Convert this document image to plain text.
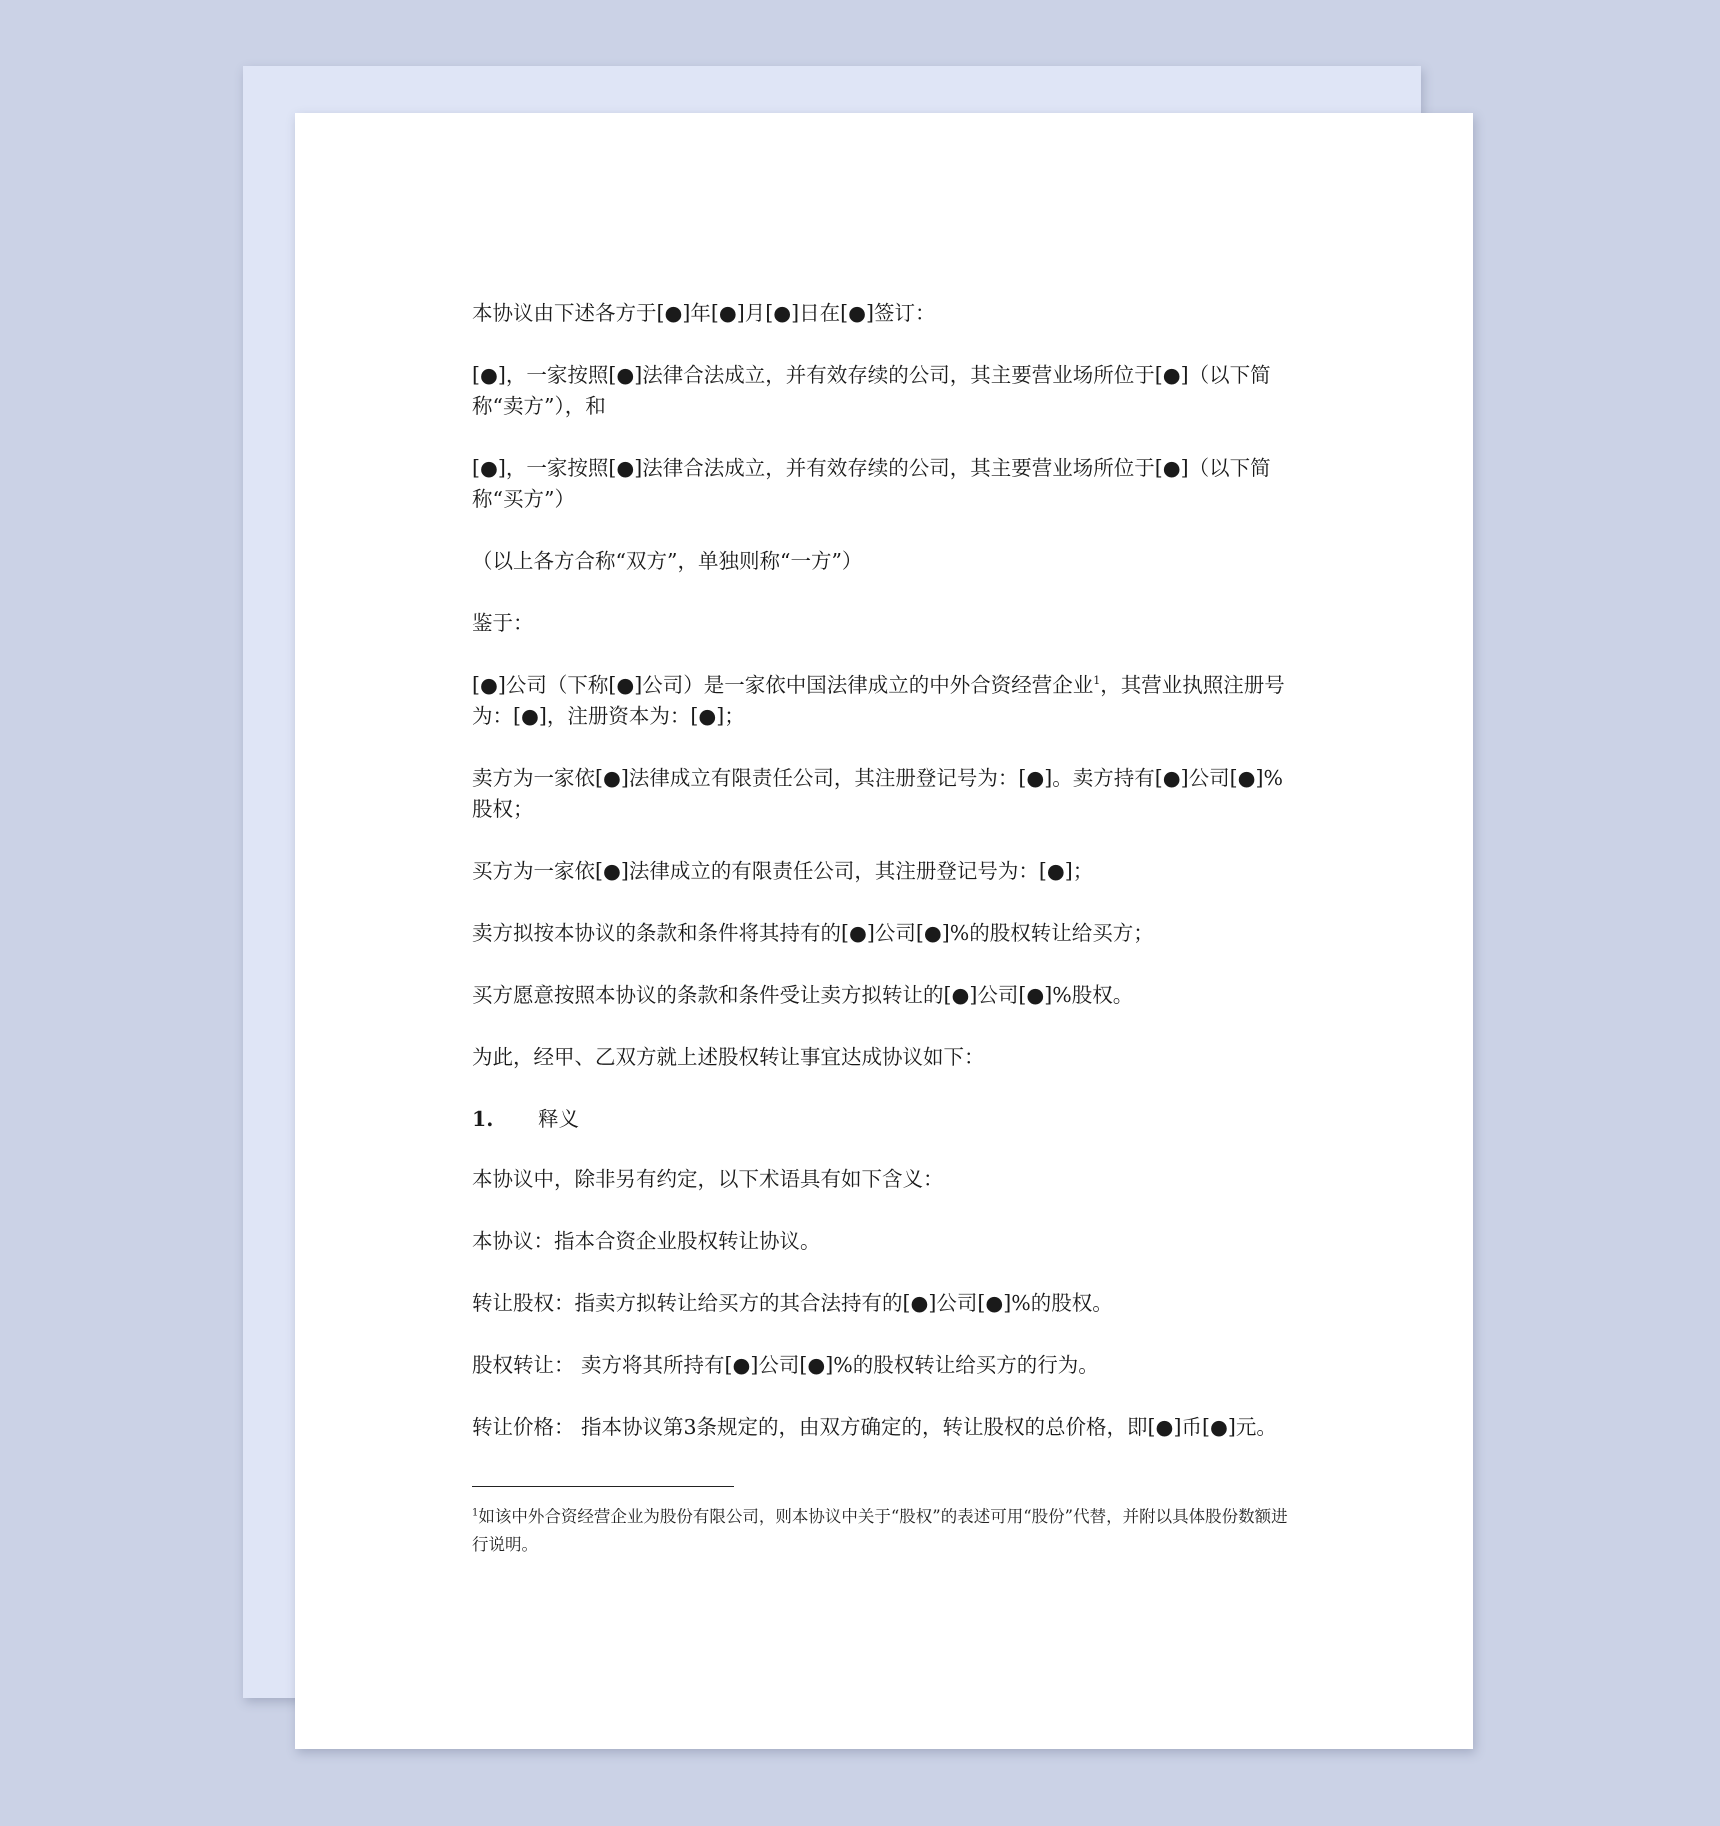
本协议由下述各方于[●]年[●]月[●]日在[●]签订：

[●]，一家按照[●]法律合法成立，并有效存续的公司，其主要营业场所位于[●]（以下简称“卖方”），和

[●]，一家按照[●]法律合法成立，并有效存续的公司，其主要营业场所位于[●]（以下简称“买方”）

（以上各方合称“双方”，单独则称“一方”）

鉴于：

[●]公司（下称[●]公司）是一家依中国法律成立的中外合资经营企业$^1$，其营业执照注册号为：[●]，注册资本为：[●]；

卖方为一家依[●]法律成立有限责任公司，其注册登记号为：[●]。卖方持有[●]公司[●]%股权；

买方为一家依[●]法律成立的有限责任公司，其注册登记号为：[●]；

卖方拟按本协议的条款和条件将其持有的[●]公司[●]%的股权转让给买方；

买方愿意按照本协议的条款和条件受让卖方拟转让的[●]公司[●]%股权。

为此，经甲、乙双方就上述股权转让事宜达成协议如下：

1.	释义

本协议中，除非另有约定，以下术语具有如下含义：

本协议：指本合资企业股权转让协议。

转让股权：指卖方拟转让给买方的其合法持有的[●]公司[●]%的股权。

股权转让： 卖方将其所持有[●]公司[●]%的股权转让给买方的行为。

转让价格： 指本协议第3条规定的，由双方确定的，转让股权的总价格，即[●]币[●]元。

$^1$如该中外合资经营企业为股份有限公司，则本协议中关于“股权”的表述可用“股份”代替，并附以具体股份数额进行说明。
